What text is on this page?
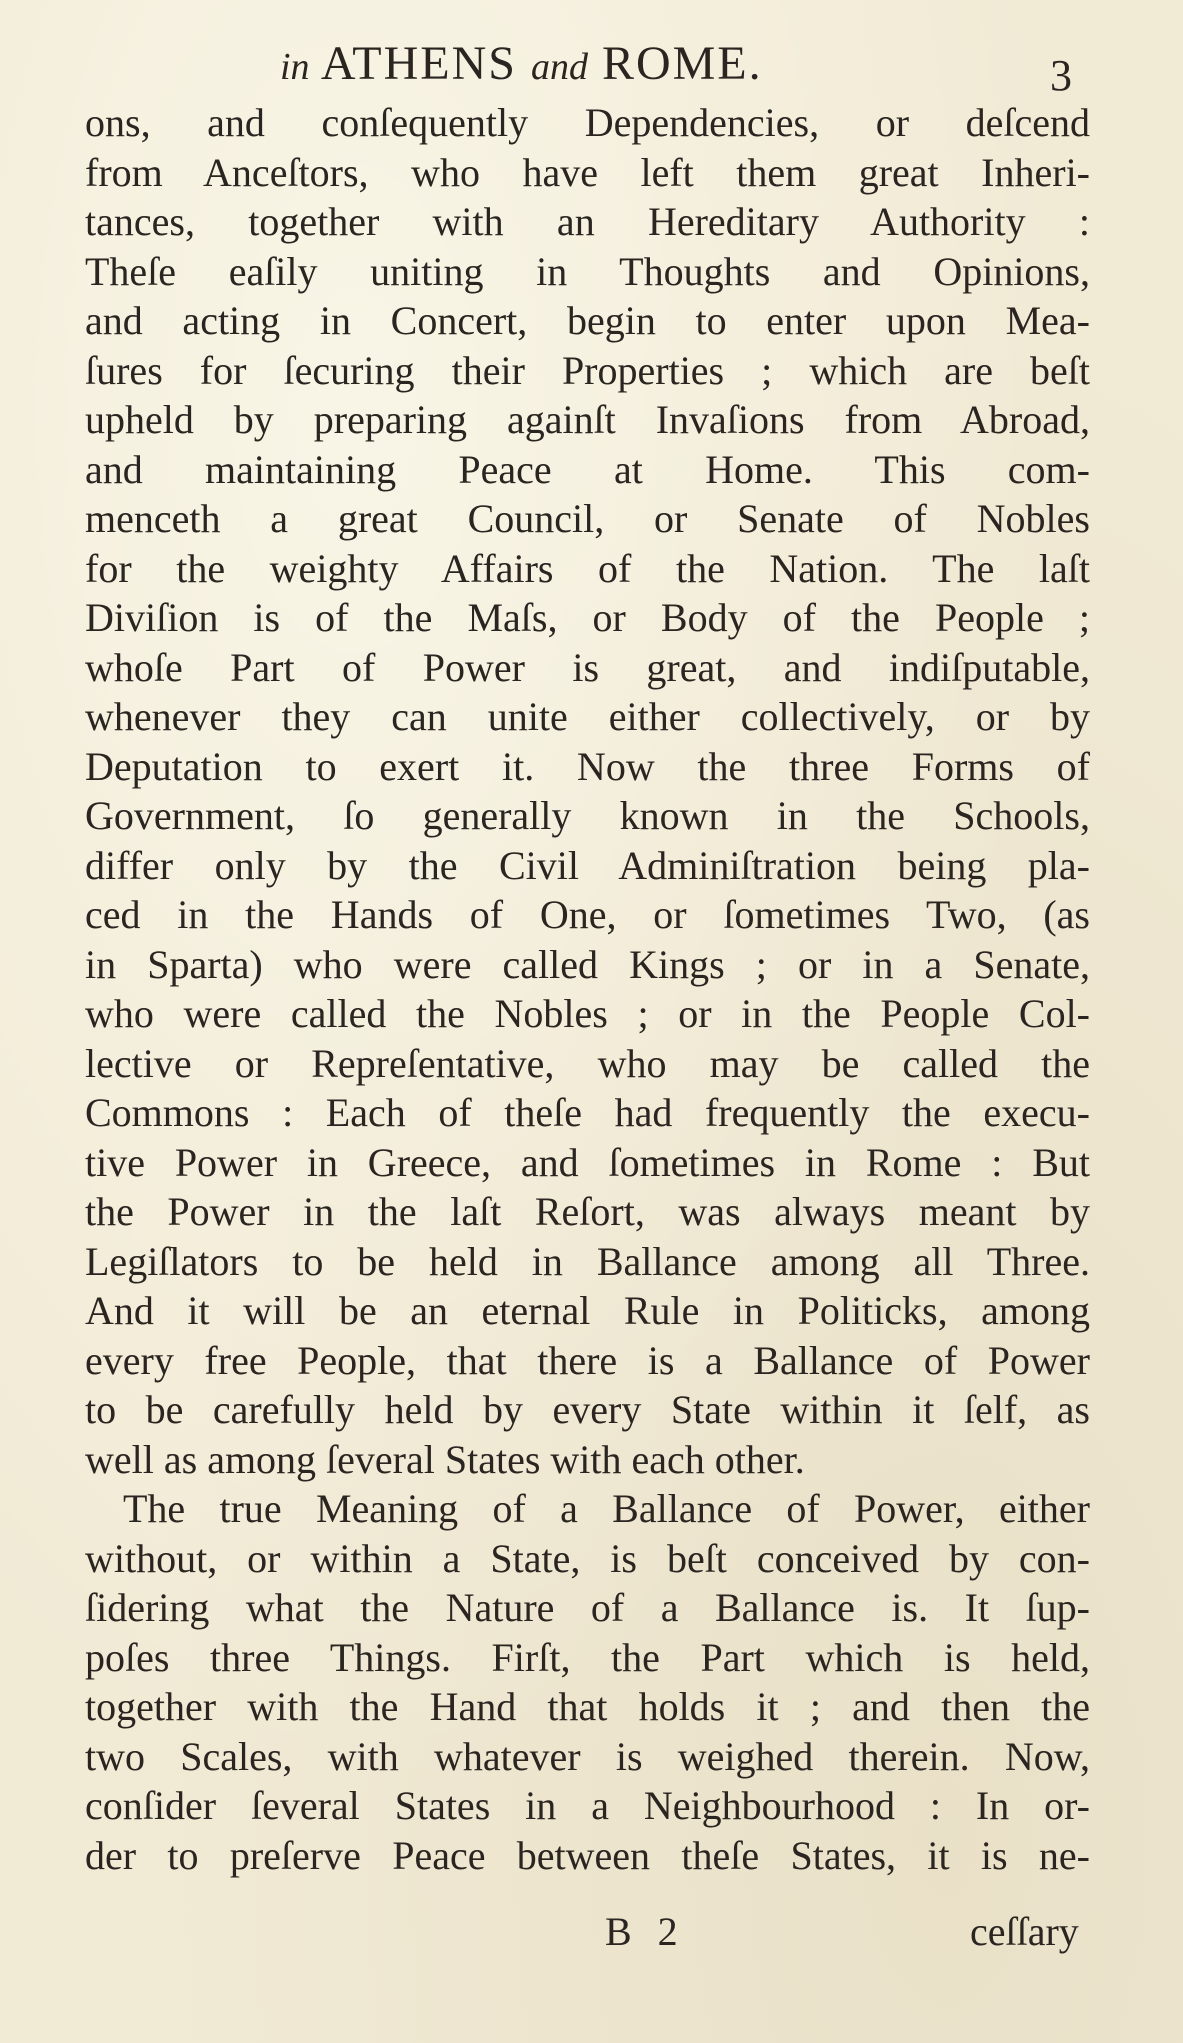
in ATHENS and ROME.	3
ons, and conſequently Dependencies, or deſcend
from Anceſtors, who have left them great Inheri-
tances, together with an Hereditary Authority :
Theſe eaſily uniting in Thoughts and Opinions,
and acting in Concert, begin to enter upon Mea-
ſures for ſecuring their Properties ; which are beſt
upheld by preparing againſt Invaſions from Abroad,
and maintaining Peace at Home. This com-
menceth a great Council, or Senate of Nobles
for the weighty Affairs of the Nation. The laſt
Diviſion is of the Maſs, or Body of the People ;
whoſe Part of Power is great, and indiſputable,
whenever they can unite either collectively, or by
Deputation to exert it. Now the three Forms of
Government, ſo generally known in the Schools,
differ only by the Civil Adminiſtration being pla-
ced in the Hands of One, or ſometimes Two, (as
in Sparta) who were called Kings ; or in a Senate,
who were called the Nobles ; or in the People Col-
lective or Repreſentative, who may be called the
Commons : Each of theſe had frequently the execu-
tive Power in Greece, and ſometimes in Rome : But
the Power in the laſt Reſort, was always meant by
Legiſlators to be held in Ballance among all Three.
And it will be an eternal Rule in Politicks, among
every free People, that there is a Ballance of Power
to be carefully held by every State within it ſelf, as
well as among ſeveral States with each other.
The true Meaning of a Ballance of Power, either
without, or within a State, is beſt conceived by con-
ſidering what the Nature of a Ballance is. It ſup-
poſes three Things. Firſt, the Part which is held,
together with the Hand that holds it ; and then the
two Scales, with whatever is weighed therein. Now,
conſider ſeveral States in a Neighbourhood : In or-
der to preſerve Peace between theſe States, it is ne-
B 2	ceſſary
